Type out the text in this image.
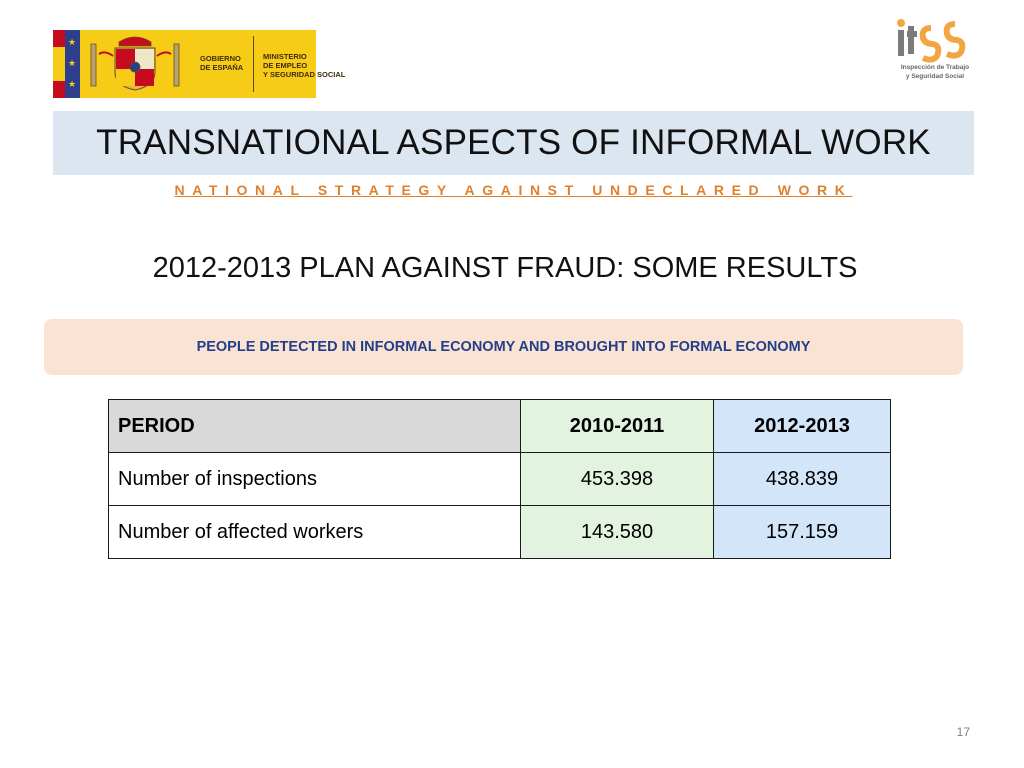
★
★
★
GOBIERNO
DE ESPAÑA
MINISTERIO
DE EMPLEO
Y SEGURIDAD SOCIAL
Inspección de Trabajo
y Seguridad Social
TRANSNATIONAL ASPECTS OF INFORMAL WORK
NATIONAL STRATEGY AGAINST UNDECLARED WORK
2012-2013 PLAN AGAINST FRAUD: SOME RESULTS
PEOPLE DETECTED IN INFORMAL ECONOMY AND BROUGHT INTO FORMAL ECONOMY
PERIOD	2010-2011	2012-2013
Number of inspections	453.398	438.839
Number of affected workers	143.580	157.159
17
